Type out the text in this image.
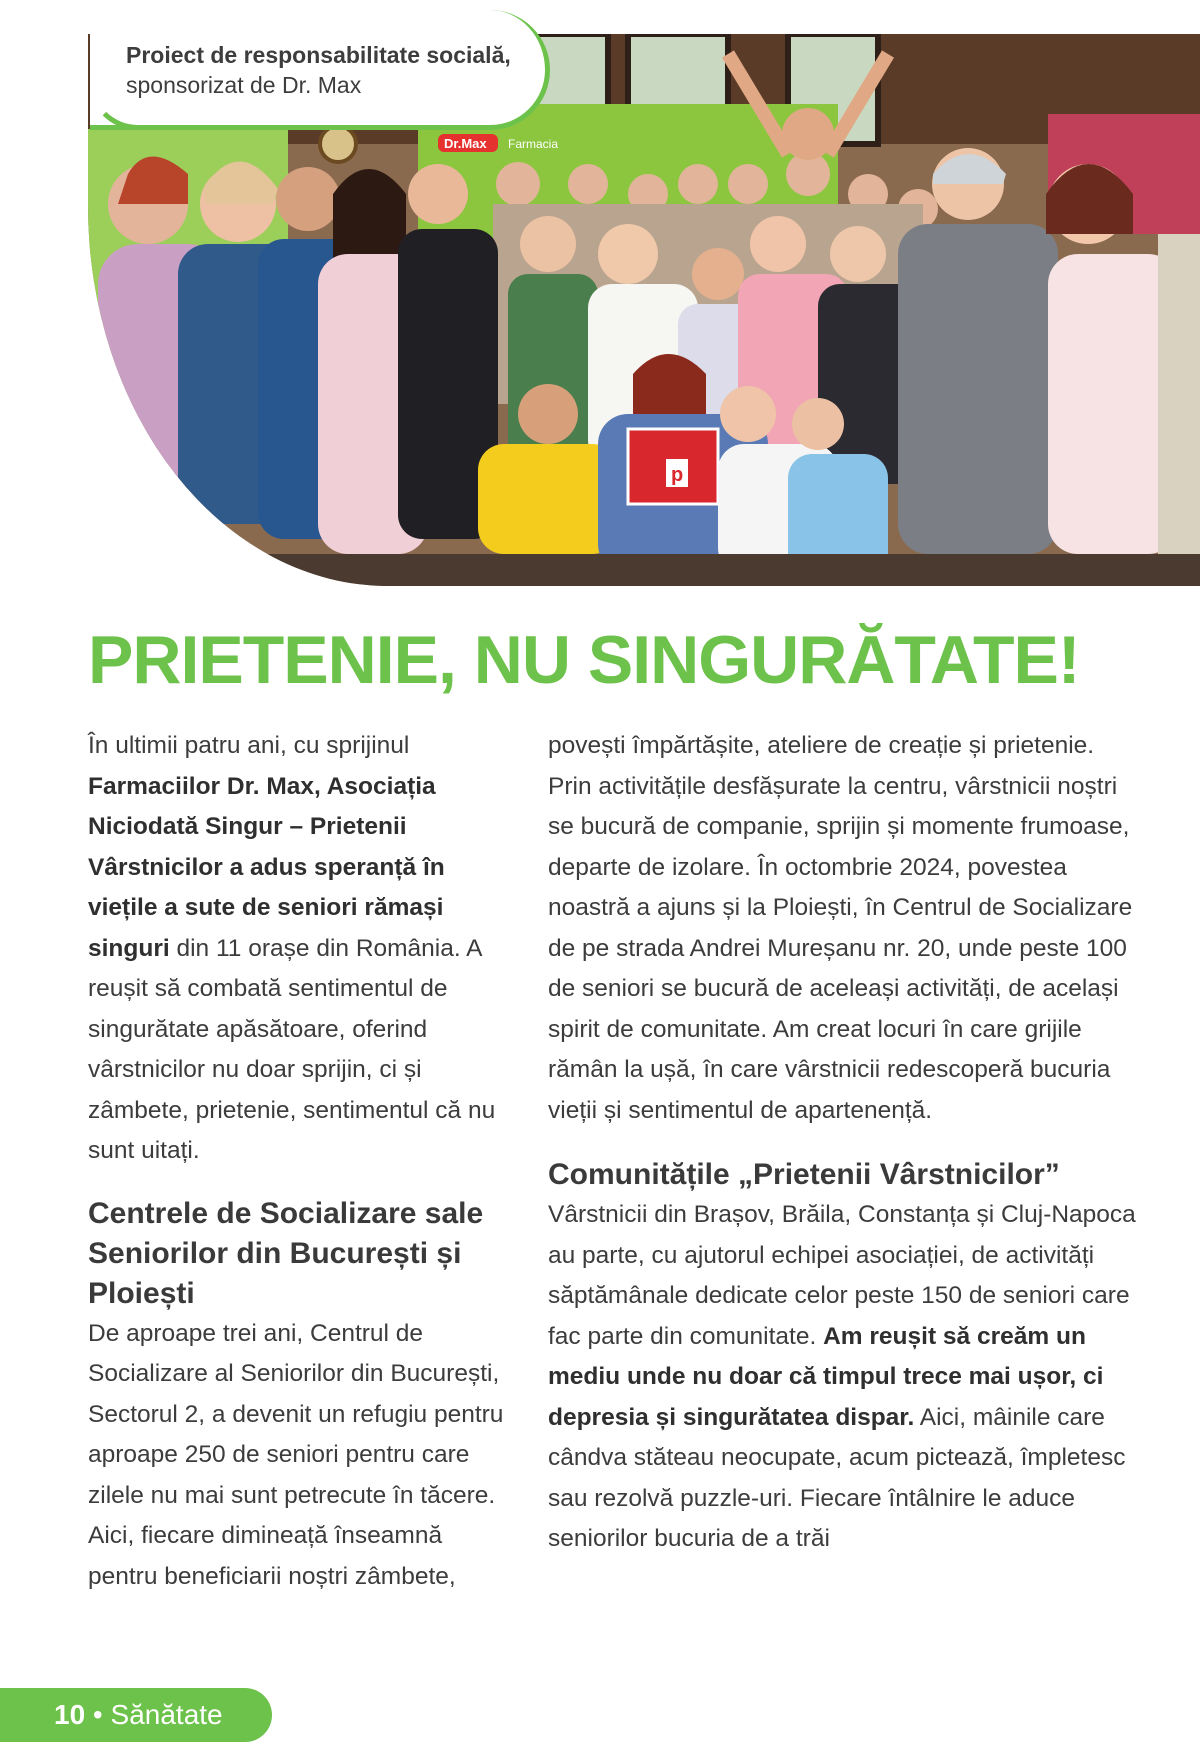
Dr.Max Farmacia
p
Proiect de responsabilitate socială, sponsorizat de Dr. Max
PRIETENIE, NU SINGURĂTATE!

În ultimii patru ani, cu sprijinul Farmaciilor Dr. Max, Asociația Niciodată Singur – Prietenii Vârstnicilor a adus speranță în viețile a sute de seniori rămași singuri din 11 orașe din România. A reușit să combată sentimentul de singurătate apăsătoare, oferind vârstnicilor nu doar sprijin, ci și zâmbete, prietenie, sentimentul că nu sunt uitați.

Centrele de Socializare sale Seniorilor din București și Ploiești

De aproape trei ani, Centrul de Socializare al Seniorilor din București, Sectorul 2, a devenit un refugiu pentru aproape 250 de seniori pentru care zilele nu mai sunt petrecute în tăcere. Aici, fiecare dimineață înseamnă pentru beneficiarii noștri zâmbete,

povești împărtășite, ateliere de creație și prietenie. Prin activitățile desfășurate la centru, vârstnicii noștri se bucură de companie, sprijin și momente frumoase, departe de izolare. În octombrie 2024, povestea noastră a ajuns și la Ploiești, în Centrul de Socializare de pe strada Andrei Mureșanu nr. 20, unde peste 100 de seniori se bucură de aceleași activități, de același spirit de comunitate. Am creat locuri în care grijile rămân la ușă, în care vârstnicii redescoperă bucuria vieții și sentimentul de apartenență.

Comunitățile „Prietenii Vârstnicilor”

Vârstnicii din Brașov, Brăila, Constanța și Cluj-Napoca au parte, cu ajutorul echipei asociației, de activități săptămânale dedicate celor peste 150 de seniori care fac parte din comunitate. Am reușit să creăm un mediu unde nu doar că timpul trece mai ușor, ci depresia și singurătatea dispar. Aici, mâinile care cândva stăteau neocupate, acum pictează, împletesc sau rezolvă puzzle-uri. Fiecare întâlnire le aduce seniorilor bucuria de a trăi

10 • Sănătate
